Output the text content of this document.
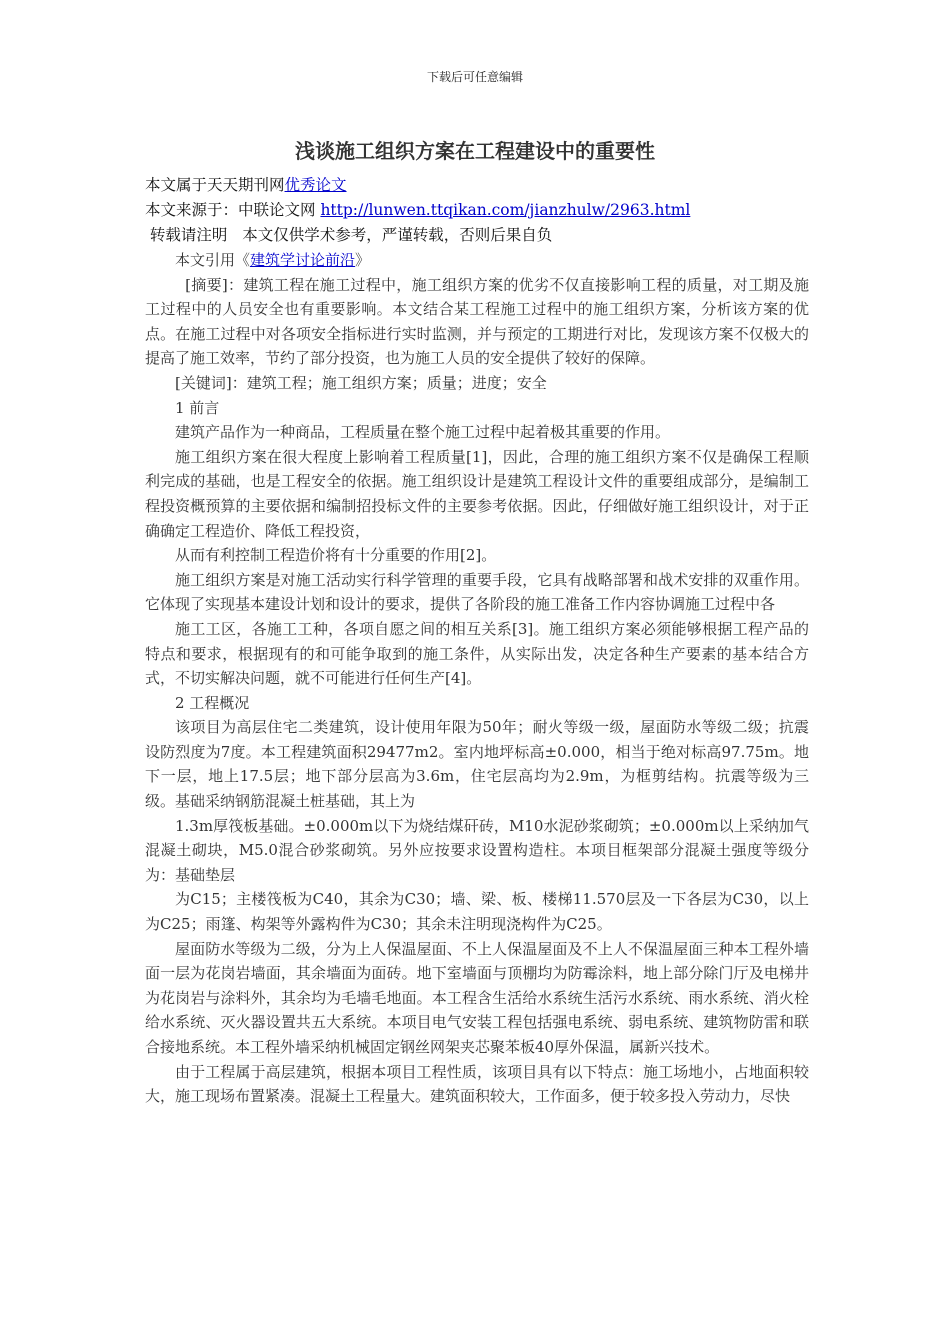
下载后可任意编辑
浅谈施工组织方案在工程建设中的重要性
本文属于天天期刊网优秀论文
本文来源于：中联论文网 http://lunwen.ttqikan.com/jianzhulw/2963.html
转载请注明   本文仅供学术参考，严谨转载，否则后果自负

本文引用《建筑学讨论前沿》

[摘要]：建筑工程在施工过程中，施工组织方案的优劣不仅直接影响工程的质量，对工期及施工过程中的人员安全也有重要影响。本文结合某工程施工过程中的施工组织方案，分析该方案的优点。在施工过程中对各项安全指标进行实时监测，并与预定的工期进行对比，发现该方案不仅极大的提高了施工效率，节约了部分投资，也为施工人员的安全提供了较好的保障。

[关键词]：建筑工程；施工组织方案；质量；进度；安全

1 前言

建筑产品作为一种商品，工程质量在整个施工过程中起着极其重要的作用。

施工组织方案在很大程度上影响着工程质量[1]，因此，合理的施工组织方案不仅是确保工程顺利完成的基础，也是工程安全的依据。施工组织设计是建筑工程设计文件的重要组成部分，是编制工程投资概预算的主要依据和编制招投标文件的主要参考依据。因此，仔细做好施工组织设计，对于正确确定工程造价、降低工程投资，

从而有利控制工程造价将有十分重要的作用[2]。

施工组织方案是对施工活动实行科学管理的重要手段，它具有战略部署和战术安排的双重作用。它体现了实现基本建设计划和设计的要求，提供了各阶段的施工准备工作内容协调施工过程中各

施工工区，各施工工种，各项自愿之间的相互关系[3]。施工组织方案必须能够根据工程产品的特点和要求，根据现有的和可能争取到的施工条件，从实际出发，决定各种生产要素的基本结合方式，不切实解决问题，就不可能进行任何生产[4]。

2 工程概况

该项目为高层住宅二类建筑，设计使用年限为50年；耐火等级一级，屋面防水等级二级；抗震设防烈度为7度。本工程建筑面积29477m2。室内地坪标高±0.000，相当于绝对标高97.75m。地下一层，地上17.5层；地下部分层高为3.6m，住宅层高均为2.9m，为框剪结构。抗震等级为三级。基础采纳钢筋混凝土桩基础，其上为

1.3m厚筏板基础。±0.000m以下为烧结煤矸砖，M10水泥砂浆砌筑；±0.000m以上采纳加气混凝土砌块，M5.0混合砂浆砌筑。另外应按要求设置构造柱。本项目框架部分混凝土强度等级分为：基础垫层

为C15；主楼筏板为C40，其余为C30；墙、梁、板、楼梯11.570层及一下各层为C30，以上为C25；雨篷、构架等外露构件为C30；其余未注明现浇构件为C25。

屋面防水等级为二级，分为上人保温屋面、不上人保温屋面及不上人不保温屋面三种本工程外墙面一层为花岗岩墙面，其余墙面为面砖。地下室墙面与顶棚均为防霉涂料，地上部分除门厅及电梯井为花岗岩与涂料外，其余均为毛墙毛地面。本工程含生活给水系统生活污水系统、雨水系统、消火栓给水系统、灭火器设置共五大系统。本项目电气安装工程包括强电系统、弱电系统、建筑物防雷和联合接地系统。本工程外墙采纳机械固定钢丝网架夹芯聚苯板40厚外保温，属新兴技术。

由于工程属于高层建筑，根据本项目工程性质，该项目具有以下特点：施工场地小，占地面积较大，施工现场布置紧凑。混凝土工程量大。建筑面积较大，工作面多，便于较多投入劳动力，尽快
